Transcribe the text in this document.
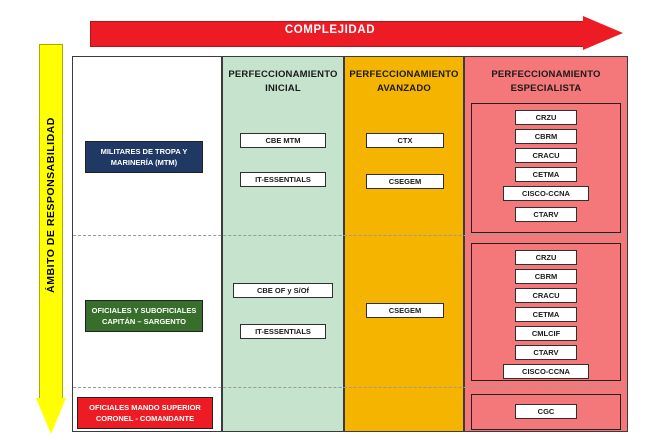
COMPLEJIDAD
ÁMBITO DE RESPONSABILIDAD
PERFECCIONAMIENTO
INICIAL
PERFECCIONAMIENTO
AVANZADO
PERFECCIONAMIENTO
ESPECIALISTA
MILITARES DE TROPA Y
MARINERÍA (MTM)
OFICIALES Y SUBOFICIALES
CAPITÁN – SARGENTO
OFICIALES MANDO SUPERIOR
CORONEL - COMANDANTE
CBE MTM
IT-ESSENTIALS
CTX
CSEGEM
CRZU
CBRM
CRACU
CETMA
CISCO-CCNA
CTARV
CBE OF y S/Of
IT-ESSENTIALS
CSEGEM
CRZU
CBRM
CRACU
CETMA
CMLCIF
CTARV
CISCO-CCNA
CGC
